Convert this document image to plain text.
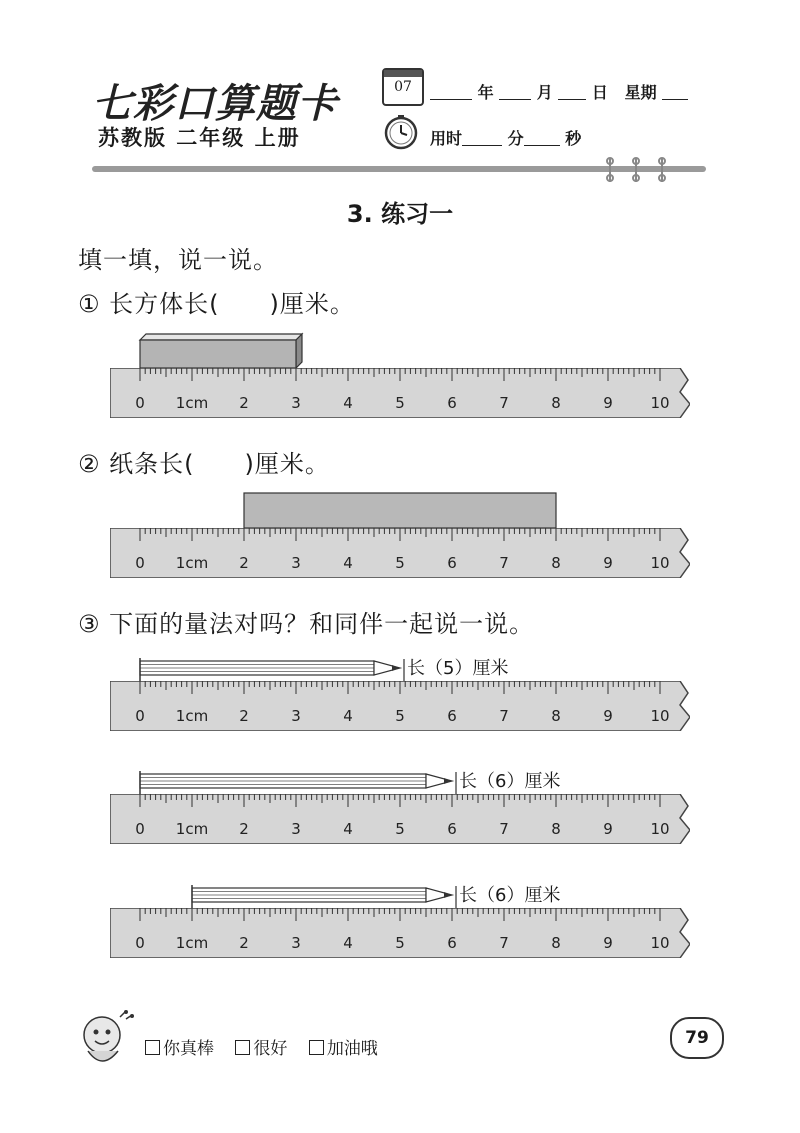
七彩口算题卡
苏教版 二年级 上册
07	年	月 日 星期
用时	分	秒
3. 练习一
填一填，说一说。
① 长方体长(　　)厘米。
② 纸条长(　　)厘米。
③ 下面的量法对吗？和同伴一起说一说。
0 1cm 2	3	4	5	6	7	8	9	10
0 1cm 2	3	4	5	6	7	8	9	10
0 1cm 2	3	4	5	6	7	8	9	10
0 1cm 2	3	4	5	6	7	8	9	10
0 1cm 2	3	4	5	6	7	8	9	10
长（5）厘米
长（6）厘米
长（6）厘米
你真棒 很好 加油哦
79
